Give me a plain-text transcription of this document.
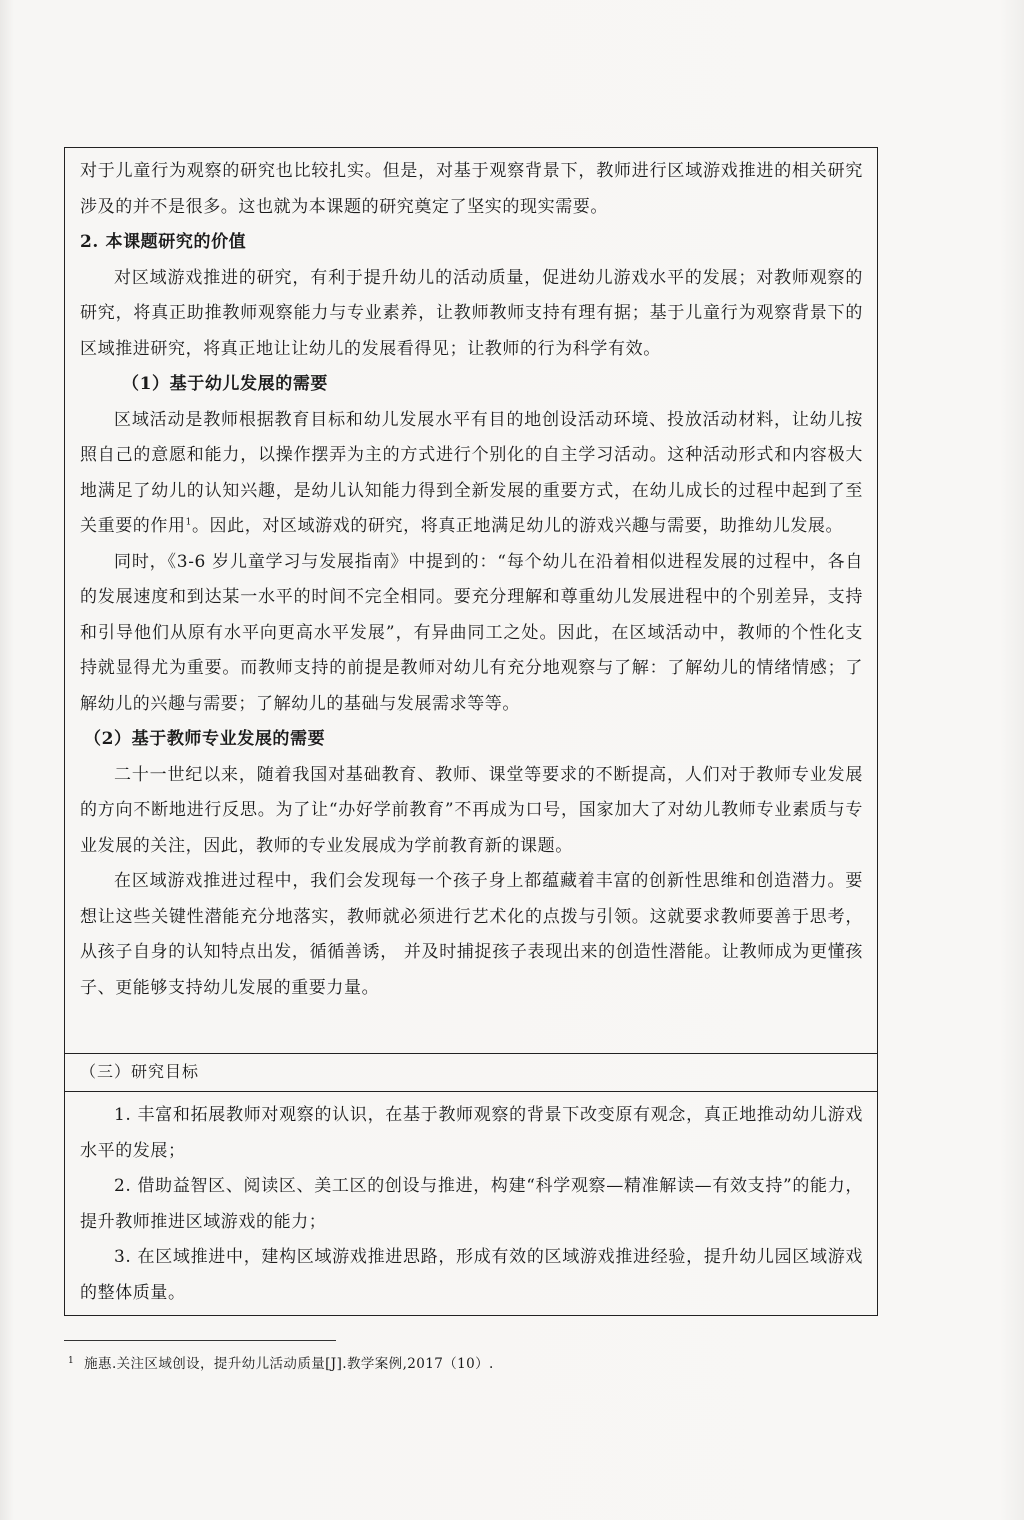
对于儿童行为观察的研究也比较扎实。但是，对基于观察背景下，教师进行区域游戏推进的相关研究涉及的并不是很多。这也就为本课题的研究奠定了坚实的现实需要。

2. 本课题研究的价值

对区域游戏推进的研究，有利于提升幼儿的活动质量，促进幼儿游戏水平的发展；对教师观察的研究，将真正助推教师观察能力与专业素养，让教师教师支持有理有据；基于儿童行为观察背景下的区域推进研究，将真正地让让幼儿的发展看得见；让教师的行为科学有效。

（1）基于幼儿发展的需要

区域活动是教师根据教育目标和幼儿发展水平有目的地创设活动环境、投放活动材料，让幼儿按照自己的意愿和能力，以操作摆弄为主的方式进行个别化的自主学习活动。这种活动形式和内容极大地满足了幼儿的认知兴趣，是幼儿认知能力得到全新发展的重要方式，在幼儿成长的过程中起到了至关重要的作用$^1$。因此，对区域游戏的研究，将真正地满足幼儿的游戏兴趣与需要，助推幼儿发展。

同时，《3-6 岁儿童学习与发展指南》中提到的：“每个幼儿在沿着相似进程发展的过程中，各自的发展速度和到达某一水平的时间不完全相同。要充分理解和尊重幼儿发展进程中的个别差异，支持和引导他们从原有水平向更高水平发展”，有异曲同工之处。因此，在区域活动中，教师的个性化支持就显得尤为重要。而教师支持的前提是教师对幼儿有充分地观察与了解：了解幼儿的情绪情感；了解幼儿的兴趣与需要；了解幼儿的基础与发展需求等等。

（2）基于教师专业发展的需要

二十一世纪以来，随着我国对基础教育、教师、课堂等要求的不断提高，人们对于教师专业发展的方向不断地进行反思。为了让“办好学前教育”不再成为口号，国家加大了对幼儿教师专业素质与专业发展的关注，因此，教师的专业发展成为学前教育新的课题。

在区域游戏推进过程中，我们会发现每一个孩子身上都蕴藏着丰富的创新性思维和创造潜力。要想让这些关键性潜能充分地落实，教师就必须进行艺术化的点拨与引领。这就要求教师要善于思考，从孩子自身的认知特点出发，循循善诱， 并及时捕捉孩子表现出来的创造性潜能。让教师成为更懂孩子、更能够支持幼儿发展的重要力量。

（三）研究目标

1. 丰富和拓展教师对观察的认识，在基于教师观察的背景下改变原有观念，真正地推动幼儿游戏水平的发展；

2. 借助益智区、阅读区、美工区的创设与推进，构建“科学观察—精准解读—有效支持”的能力，提升教师推进区域游戏的能力；

3. 在区域推进中，建构区域游戏推进思路，形成有效的区域游戏推进经验，提升幼儿园区域游戏的整体质量。

$^1$ 施惠.关注区域创设，提升幼儿活动质量[J].教学案例,2017（10）.
